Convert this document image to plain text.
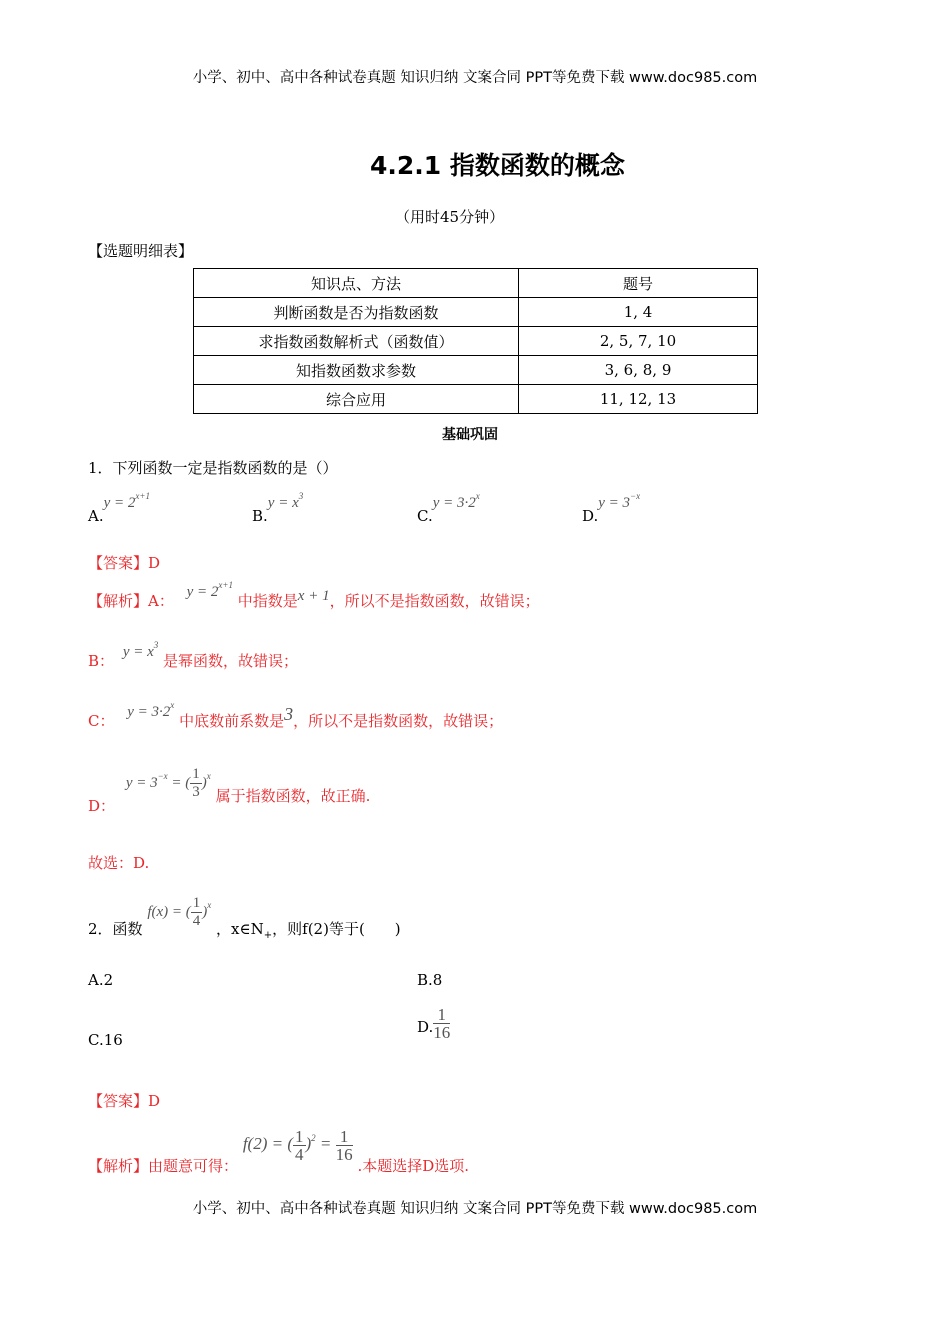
小学、初中、高中各种试卷真题 知识归纳 文案合同 PPT等免费下载 www.doc985.com
4.2.1 指数函数的概念
（用时45分钟）
【选题明细表】
知识点、方法	题号
判断函数是否为指数函数	1, 4
求指数函数解析式（函数值）	2, 5, 7, 10
知指数函数求参数	3, 6, 8, 9
综合应用	11, 12, 13
基础巩固
1．下列函数一定是指数函数的是（）
$A.y = 2^{x+1}$
$B.y = x^3$
$C.y = 3\cdot 2^x$
$D.y = 3^{-x}$
【答案】D
【解析】A： $y = 2^{x+1}$ 中指数是x + 1，所以不是指数函数，故错误；
B： $y = x^3$ 是幂函数，故错误；
C： $y = 3\cdot 2^x$ 中底数前系数是3，所以不是指数函数，故错误；
D： $y = 3^{-x}$ = ( $\frac{1}{3} )^x$ 属于指数函数，故正确.
故选：D.
2．函数 f(x) = ( $\frac{1}{4} )^x$ ，$x\in N_+$，则f(2)等于(　　)
A.2	B.8
C.16
D. $\frac{1}{16}$
【答案】D
【解析】由题意可得： f(2) = ( $\frac{1}{4} )^2 = \frac{1}{16}$
.本题选择D选项.
小学、初中、高中各种试卷真题 知识归纳 文案合同 PPT等免费下载 www.doc985.com
